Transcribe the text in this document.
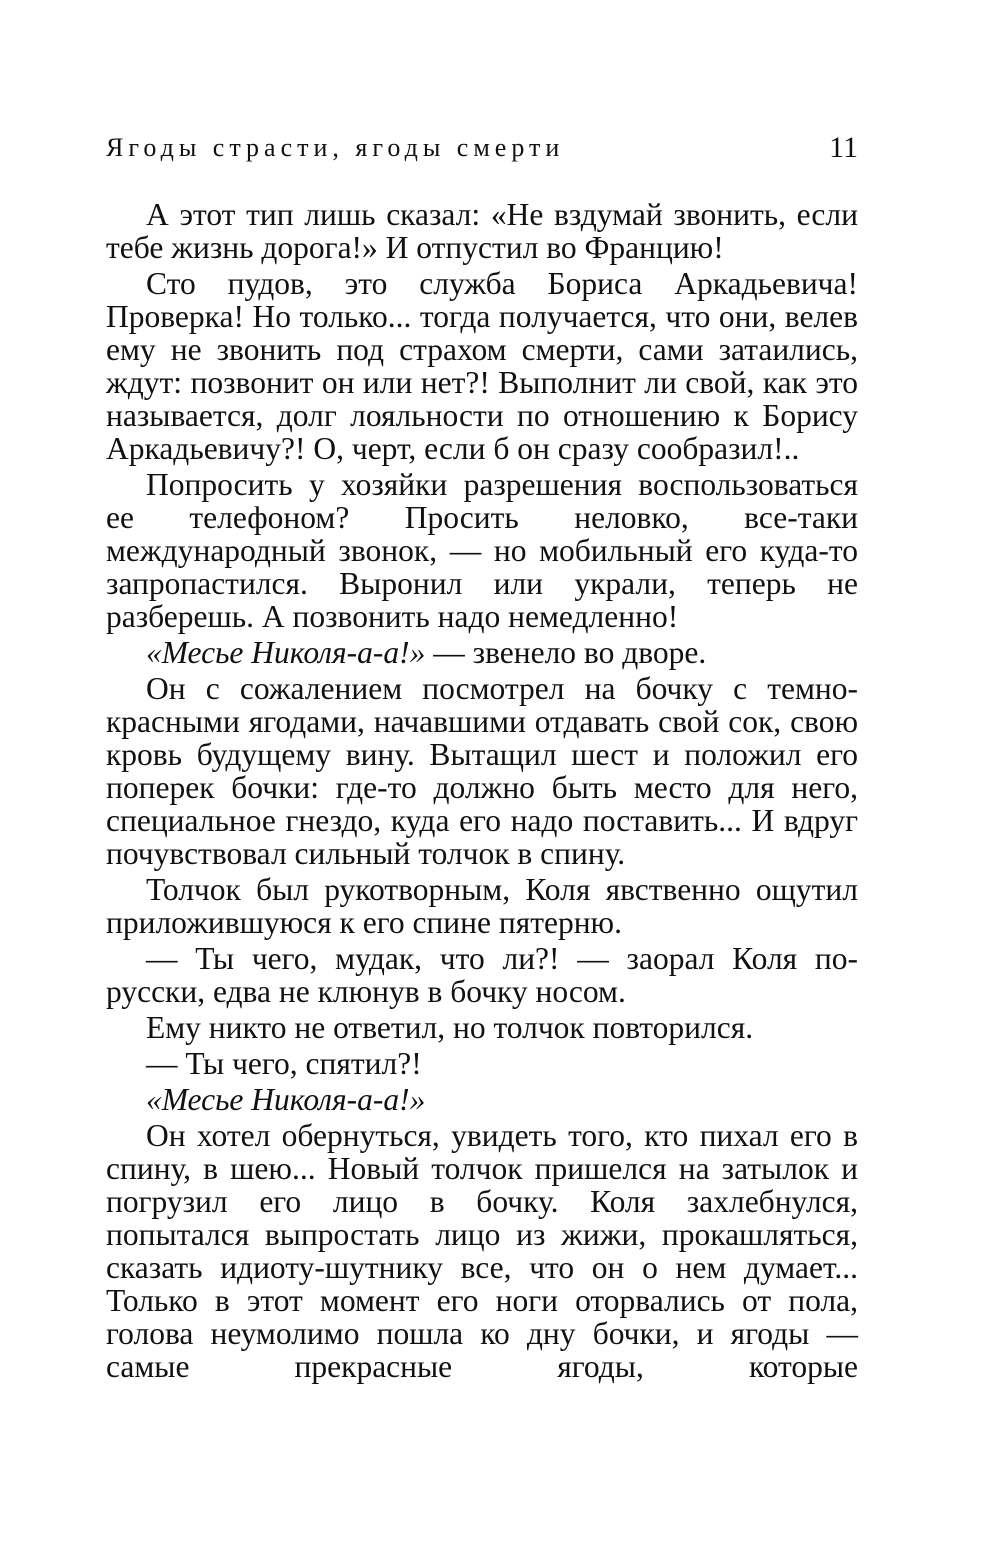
Ягоды страсти, ягоды смерти	11

А этот тип лишь сказал: «Не вздумай звонить, если тебе жизнь дорога!» И отпустил во Францию!

Сто пудов, это служба Бориса Аркадьевича! Проверка! Но только... тогда получается, что они, велев ему не звонить под страхом смерти, сами затаились, ждут: позвонит он или нет?! Выполнит ли свой, как это называется, долг лояльности по отношению к Борису Аркадьевичу?! О, черт, если б он сразу сообразил!..

Попросить у хозяйки разрешения воспользоваться ее телефоном? Просить неловко, все-таки международный звонок, — но мобильный его куда-то запропастился. Выронил или украли, теперь не разберешь. А позвонить надо немедленно!

«Месье Николя-а-а!» — звенело во дворе.

Он с сожалением посмотрел на бочку с темно-красными ягодами, начавшими отдавать свой сок, свою кровь будущему вину. Вытащил шест и положил его поперек бочки: где-то должно быть место для него, специальное гнездо, куда его надо поставить... И вдруг почувствовал сильный толчок в спину.

Толчок был рукотворным, Коля явственно ощутил приложившуюся к его спине пятерню.

— Ты чего, мудак, что ли?! — заорал Коля по-русски, едва не клюнув в бочку носом.

Ему никто не ответил, но толчок повторился.

— Ты чего, спятил?!

«Месье Николя-а-а!»

Он хотел обернуться, увидеть того, кто пихал его в спину, в шею... Новый толчок пришелся на затылок и погрузил его лицо в бочку. Коля захлебнулся, попытался выпростать лицо из жижи, прокашляться, сказать идиоту-шутнику все, что он о нем думает... Только в этот момент его ноги оторвались от пола, голова неумолимо пошла ко дну бочки, и ягоды — самые прекрасные ягоды, которые
